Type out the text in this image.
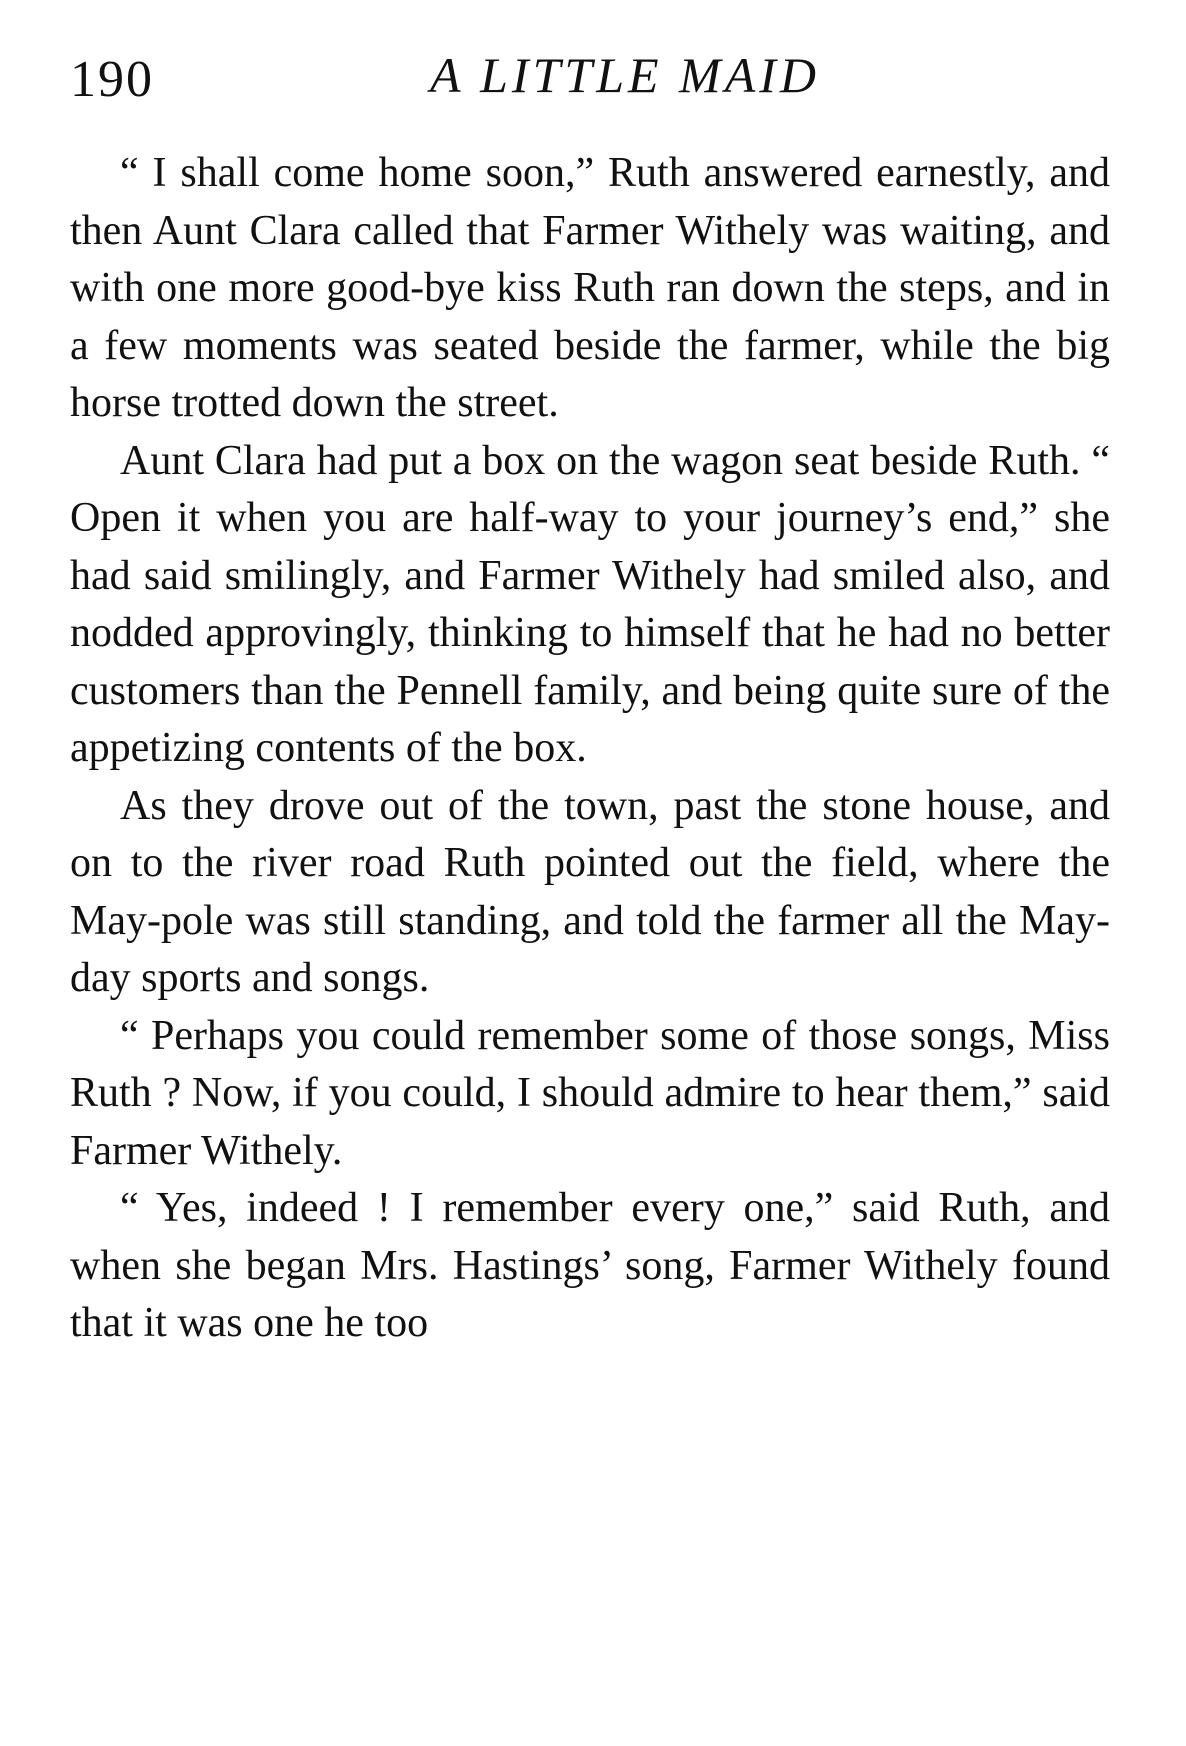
190	A LITTLE MAID

“ I shall come home soon,” Ruth answered earnestly, and then Aunt Clara called that Farmer Withely was waiting, and with one more good-bye kiss Ruth ran down the steps, and in a few moments was seated beside the farmer, while the big horse trotted down the street.

Aunt Clara had put a box on the wagon seat beside Ruth. “ Open it when you are half-way to your journey’s end,” she had said smilingly, and Farmer Withely had smiled also, and nodded approvingly, thinking to himself that he had no better customers than the Pennell family, and being quite sure of the appetizing contents of the box.

As they drove out of the town, past the stone house, and on to the river road Ruth pointed out the field, where the May-pole was still standing, and told the farmer all the May-day sports and songs.

“ Perhaps you could remember some of those songs, Miss Ruth ? Now, if you could, I should admire to hear them,” said Farmer Withely.

“ Yes, indeed ! I remember every one,” said Ruth, and when she began Mrs. Hastings’ song, Farmer Withely found that it was one he too
